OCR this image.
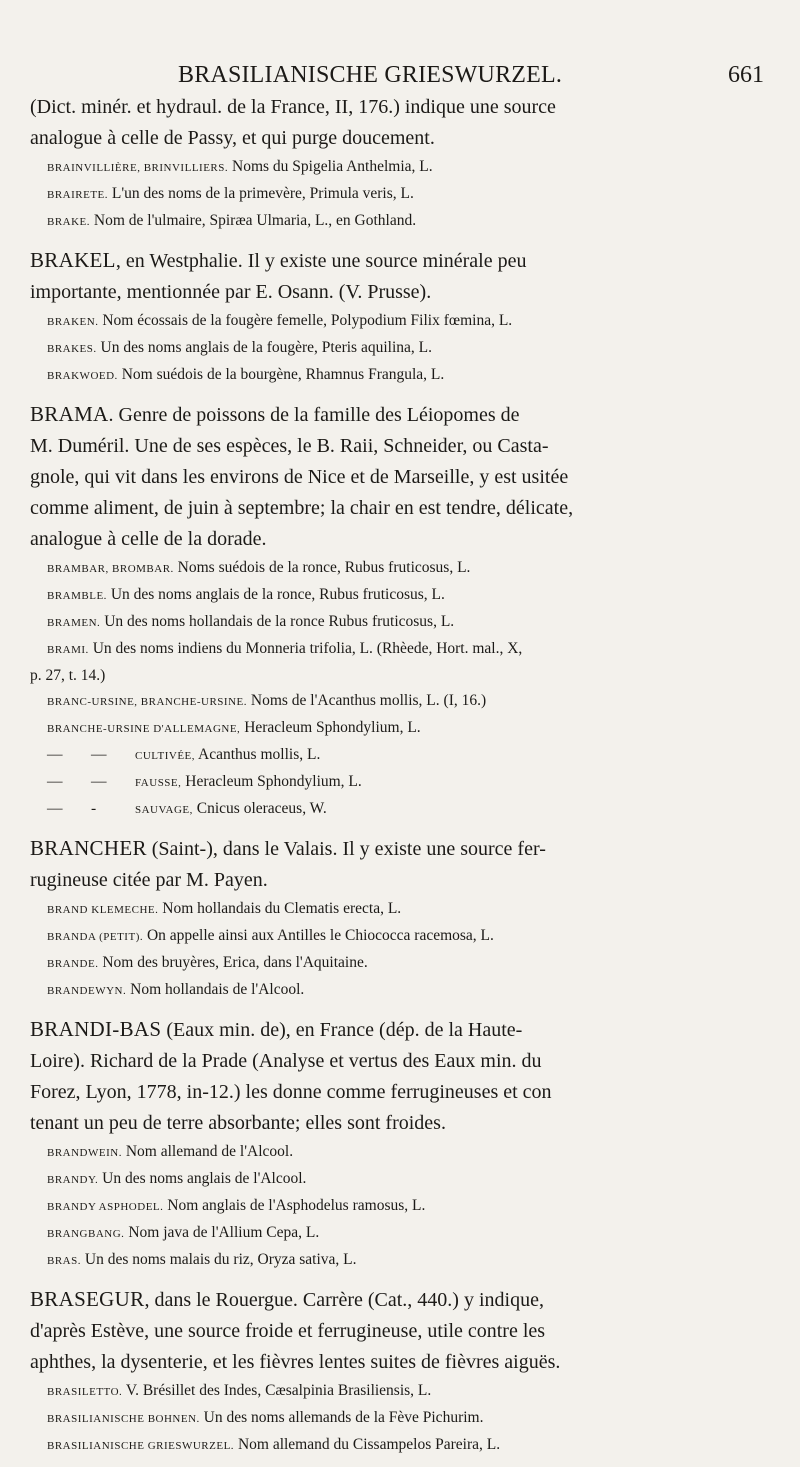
BRASILIANISCHE GRIESWURZEL.	661
(Dict. minér. et hydraul. de la France, II, 176.) indique une source
analogue à celle de Passy, et qui purge doucement.
BRAINVILLIÈRE, BRINVILLIERS. Noms du Spigelia Anthelmia, L.
BRAIRETE. L'un des noms de la primevère, Primula veris, L.
BRAKE. Nom de l'ulmaire, Spiræa Ulmaria, L., en Gothland.
BRAKEL, en Westphalie. Il y existe une source minérale peu
importante, mentionnée par E. Osann. (V. Prusse).
BRAKEN. Nom écossais de la fougère femelle, Polypodium Filix fœmina, L.
BRAKES. Un des noms anglais de la fougère, Pteris aquilina, L.
BRAKWOED. Nom suédois de la bourgène, Rhamnus Frangula, L.
BRAMA. Genre de poissons de la famille des Léiopomes de
M. Duméril. Une de ses espèces, le B. Raii, Schneider, ou Casta-
gnole, qui vit dans les environs de Nice et de Marseille, y est usitée
comme aliment, de juin à septembre; la chair en est tendre, délicate,
analogue à celle de la dorade.
BRAMBAR, BROMBAR. Noms suédois de la ronce, Rubus fruticosus, L.
BRAMBLE. Un des noms anglais de la ronce, Rubus fruticosus, L.
BRAMEN. Un des noms hollandais de la ronce Rubus fruticosus, L.
BRAMI. Un des noms indiens du Monneria trifolia, L. (Rhèede, Hort. mal., X,
p. 27, t. 14.)
BRANC-URSINE, BRANCHE-URSINE. Noms de l'Acanthus mollis, L. (I, 16.)
BRANCHE-URSINE D'ALLEMAGNE, Heracleum Sphondylium, L.
— —	CULTIVÉE, Acanthus mollis, L.
— —	FAUSSE, Heracleum Sphondylium, L.
— -	SAUVAGE, Cnicus oleraceus, W.
BRANCHER (Saint-), dans le Valais. Il y existe une source fer-
rugineuse citée par M. Payen.
BRAND KLEMECHE. Nom hollandais du Clematis erecta, L.
BRANDA (PETIT). On appelle ainsi aux Antilles le Chiococca racemosa, L.
BRANDE. Nom des bruyères, Erica, dans l'Aquitaine.
BRANDEWYN. Nom hollandais de l'Alcool.
BRANDI-BAS (Eaux min. de), en France (dép. de la Haute-
Loire). Richard de la Prade (Analyse et vertus des Eaux min. du
Forez, Lyon, 1778, in-12.) les donne comme ferrugineuses et con
tenant un peu de terre absorbante; elles sont froides.
BRANDWEIN. Nom allemand de l'Alcool.
BRANDY. Un des noms anglais de l'Alcool.
BRANDY ASPHODEL. Nom anglais de l'Asphodelus ramosus, L.
BRANGBANG. Nom java de l'Allium Cepa, L.
BRAS. Un des noms malais du riz, Oryza sativa, L.
BRASEGUR, dans le Rouergue. Carrère (Cat., 440.) y indique,
d'après Estève, une source froide et ferrugineuse, utile contre les
aphthes, la dysenterie, et les fièvres lentes suites de fièvres aiguës.
BRASILETTO. V. Brésillet des Indes, Cæsalpinia Brasiliensis, L.
BRASILIANISCHE BOHNEN. Un des noms allemands de la Fève Pichurim.
BRASILIANISCHE GRIESWURZEL. Nom allemand du Cissampelos Pareira, L.
